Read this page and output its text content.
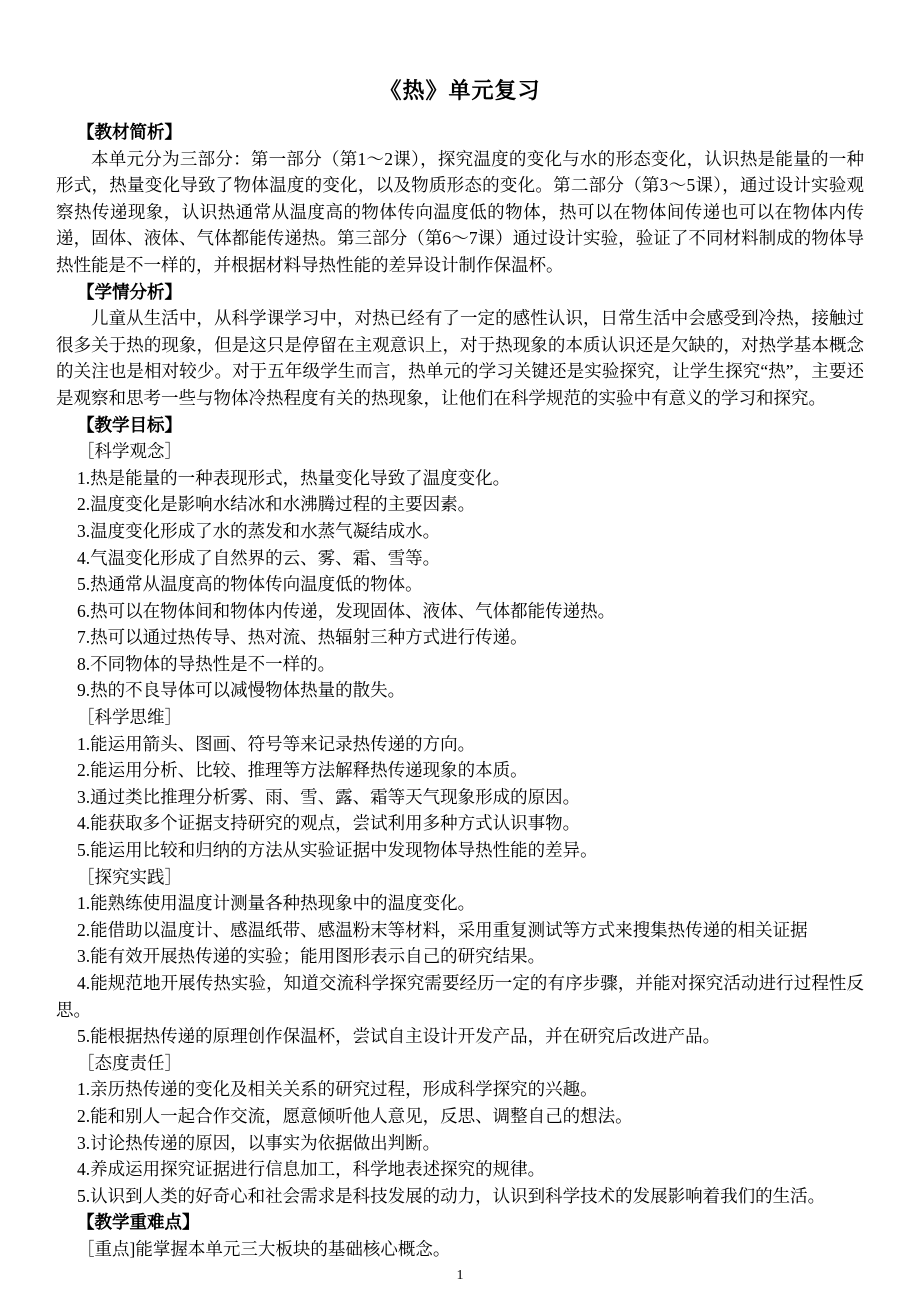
《热》单元复习
【教材简析】

本单元分为三部分：第一部分（第1～2课），探究温度的变化与水的形态变化，认识热是能量的一种形式，热量变化导致了物体温度的变化，以及物质形态的变化。第二部分（第3～5课），通过设计实验观察热传递现象，认识热通常从温度高的物体传向温度低的物体，热可以在物体间传递也可以在物体内传递，固体、液体、气体都能传递热。第三部分（第6～7课）通过设计实验，验证了不同材料制成的物体导热性能是不一样的，并根据材料导热性能的差异设计制作保温杯。

【学情分析】

儿童从生活中，从科学课学习中，对热已经有了一定的感性认识，日常生活中会感受到冷热，接触过很多关于热的现象，但是这只是停留在主观意识上，对于热现象的本质认识还是欠缺的，对热学基本概念的关注也是相对较少。对于五年级学生而言，热单元的学习关键还是实验探究，让学生探究“热”，主要还是观察和思考一些与物体冷热程度有关的热现象，让他们在科学规范的实验中有意义的学习和探究。

【教学目标】
［科学观念］

1.热是能量的一种表现形式，热量变化导致了温度变化。

2.温度变化是影响水结冰和水沸腾过程的主要因素。

3.温度变化形成了水的蒸发和水蒸气凝结成水。

4.气温变化形成了自然界的云、雾、霜、雪等。

5.热通常从温度高的物体传向温度低的物体。

6.热可以在物体间和物体内传递，发现固体、液体、气体都能传递热。

7.热可以通过热传导、热对流、热辐射三种方式进行传递。

8.不同物体的导热性是不一样的。

9.热的不良导体可以减慢物体热量的散失。

［科学思维］

1.能运用箭头、图画、符号等来记录热传递的方向。

2.能运用分析、比较、推理等方法解释热传递现象的本质。

3.通过类比推理分析雾、雨、雪、露、霜等天气现象形成的原因。

4.能获取多个证据支持研究的观点，尝试利用多种方式认识事物。

5.能运用比较和归纳的方法从实验证据中发现物体导热性能的差异。

［探究实践］

1.能熟练使用温度计测量各种热现象中的温度变化。

2.能借助以温度计、感温纸带、感温粉末等材料，采用重复测试等方式来搜集热传递的相关证据

3.能有效开展热传递的实验；能用图形表示自己的研究结果。

4.能规范地开展传热实验，知道交流科学探究需要经历一定的有序步骤，并能对探究活动进行过程性反思。

5.能根据热传递的原理创作保温杯，尝试自主设计开发产品，并在研究后改进产品。

［态度责任］

1.亲历热传递的变化及相关关系的研究过程，形成科学探究的兴趣。

2.能和别人一起合作交流，愿意倾听他人意见，反思、调整自己的想法。

3.讨论热传递的原因，以事实为依据做出判断。

4.养成运用探究证据进行信息加工，科学地表述探究的规律。

5.认识到人类的好奇心和社会需求是科技发展的动力，认识到科学技术的发展影响着我们的生活。

【教学重难点】

［重点]能掌握本单元三大板块的基础核心概念。

1
